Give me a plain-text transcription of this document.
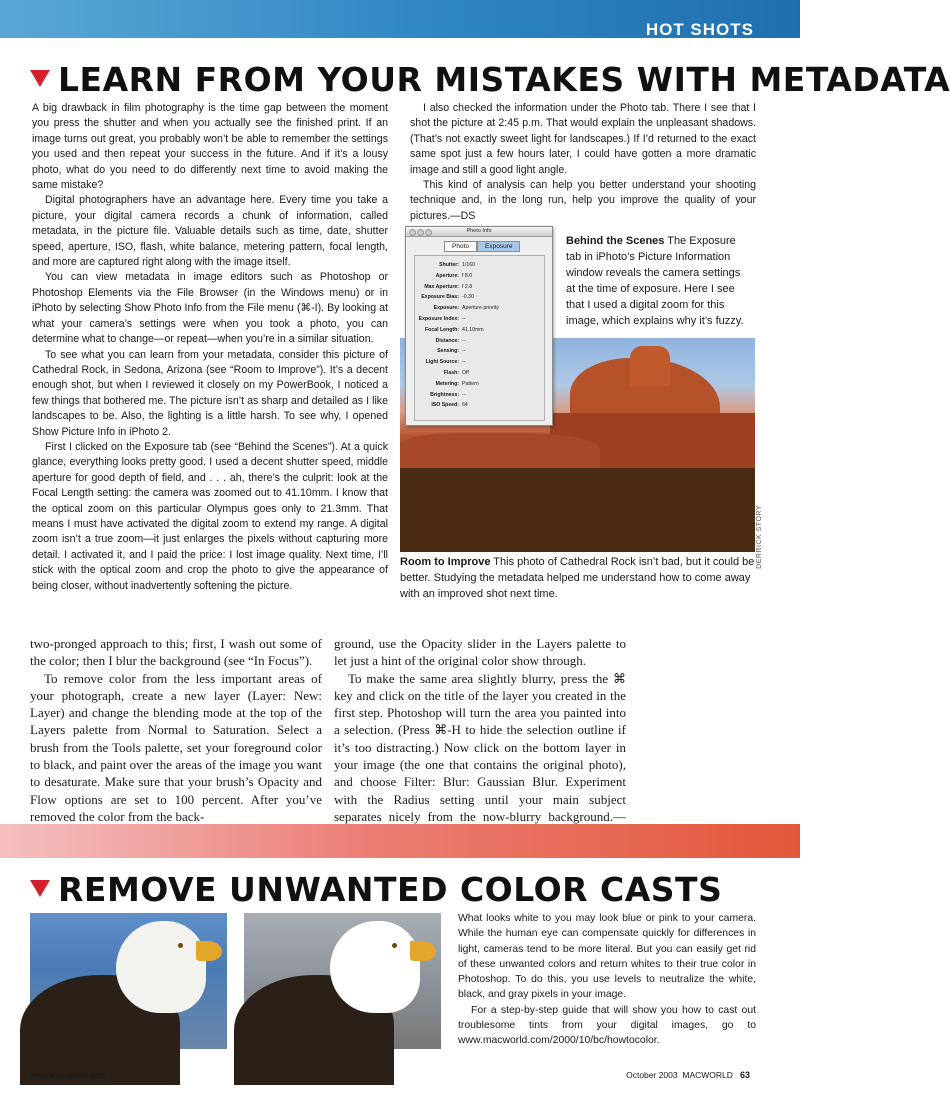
HOT SHOTS
LEARN FROM YOUR MISTAKES WITH METADATA

A big drawback in film photography is the time gap between the moment you press the shutter and when you actually see the finished print. If an image turns out great, you probably won’t be able to remember the settings you used and then repeat your success in the future. And if it’s a lousy photo, what do you need to do differently next time to avoid making the same mistake?

Digital photographers have an advantage here. Every time you take a picture, your digital camera records a chunk of information, called metadata, in the picture file. Valuable details such as time, date, shutter speed, aperture, ISO, flash, white balance, metering pattern, focal length, and more are captured right along with the image itself.

You can view metadata in image editors such as Photoshop or Photoshop Elements via the File Browser (in the Windows menu) or in iPhoto by selecting Show Photo Info from the File menu (⌘-I). By looking at what your camera’s settings were when you took a photo, you can determine what to change—or repeat—when you’re in a similar situation.

To see what you can learn from your metadata, consider this picture of Cathedral Rock, in Sedona, Arizona (see “Room to Improve”). It’s a decent enough shot, but when I reviewed it closely on my PowerBook, I noticed a few things that bothered me. The picture isn’t as sharp and detailed as I like landscapes to be. Also, the lighting is a little harsh. To see why, I opened Show Picture Info in iPhoto 2.

First I clicked on the Exposure tab (see “Behind the Scenes”). At a quick glance, everything looks pretty good. I used a decent shutter speed, middle aperture for good depth of field, and . . . ah, there’s the culprit: look at the Focal Length setting: the camera was zoomed out to 41.10mm. I know that the optical zoom on this particular Olympus goes only to 21.3mm. That means I must have activated the digital zoom to extend my range. A digital zoom isn’t a true zoom—it just enlarges the pixels without capturing more detail. I activated it, and I paid the price: I lost image quality. Next time, I’ll stick with the optical zoom and crop the photo to give the appearance of being closer, without inadvertently softening the picture.

I also checked the information under the Photo tab. There I see that I shot the picture at 2:45 p.m. That would explain the unpleasant shadows. (That’s not exactly sweet light for landscapes.) If I’d returned to the exact same spot just a few hours later, I could have gotten a more dramatic image and still a good light angle.

This kind of analysis can help you better understand your shooting technique and, in the long run, help you improve the quality of your pictures.—DS

DERRICK STORY
Photo Info
Photo	Exposure
Shutter: 1/160
Aperture: f 8.0
Max Aperture: f 2.8
Exposure Bias: -0.30
Exposure: Aperture priority
Exposure Index: --
Focal Length: 41.10mm
Distance: --
Sensing: --
Light Source: --
Flash: Off
Metering: Pattern
Brightness: --
ISO Speed: 64
Behind the Scenes The Exposure tab in iPhoto’s Picture Information window reveals the camera settings at the time of exposure. Here I see that I used a digital zoom for this image, which explains why it’s fuzzy.
Room to Improve This photo of Cathedral Rock isn’t bad, but it could be better. Studying the metadata helped me understand how to come away with an improved shot next time.

two-pronged approach to this; first, I wash out some of the color; then I blur the background (see “In Focus”).

To remove color from the less important areas of your photograph, create a new layer (Layer: New: Layer) and change the blending mode at the top of the Layers palette from Normal to Saturation. Select a brush from the Tools palette, set your foreground color to black, and paint over the areas of the image you want to desaturate. Make sure that your brush’s Opacity and Flow options are set to 100 percent. After you’ve removed the color from the back-

ground, use the Opacity slider in the Layers palette to let just a hint of the original color show through.

To make the same area slightly blurry, press the ⌘ key and click on the title of the layer you created in the first step. Photoshop will turn the area you painted into a selection. (Press ⌘-H to hide the selection outline if it’s too distracting.) Now click on the bottom layer in your image (the one that contains the original photo), and choose Filter: Blur: Gaussian Blur. Experiment with the Radius setting until your main subject separates nicely from the now-blurry background.—

REMOVE UNWANTED COLOR CASTS

What looks white to you may look blue or pink to your camera. While the human eye can compensate quickly for differences in light, cameras tend to be more literal. But you can easily get rid of these unwanted colors and return whites to their true color in Photoshop. To do this, you use levels to neutralize the white, black, and gray pixels in your image.

For a step-by-step guide that will show you how to cast out troublesome tints from your digital images, go to www.macworld.com/2000/10/bc/howtocolor.

www.macworld.com	October 2003 MACWORLD 63
